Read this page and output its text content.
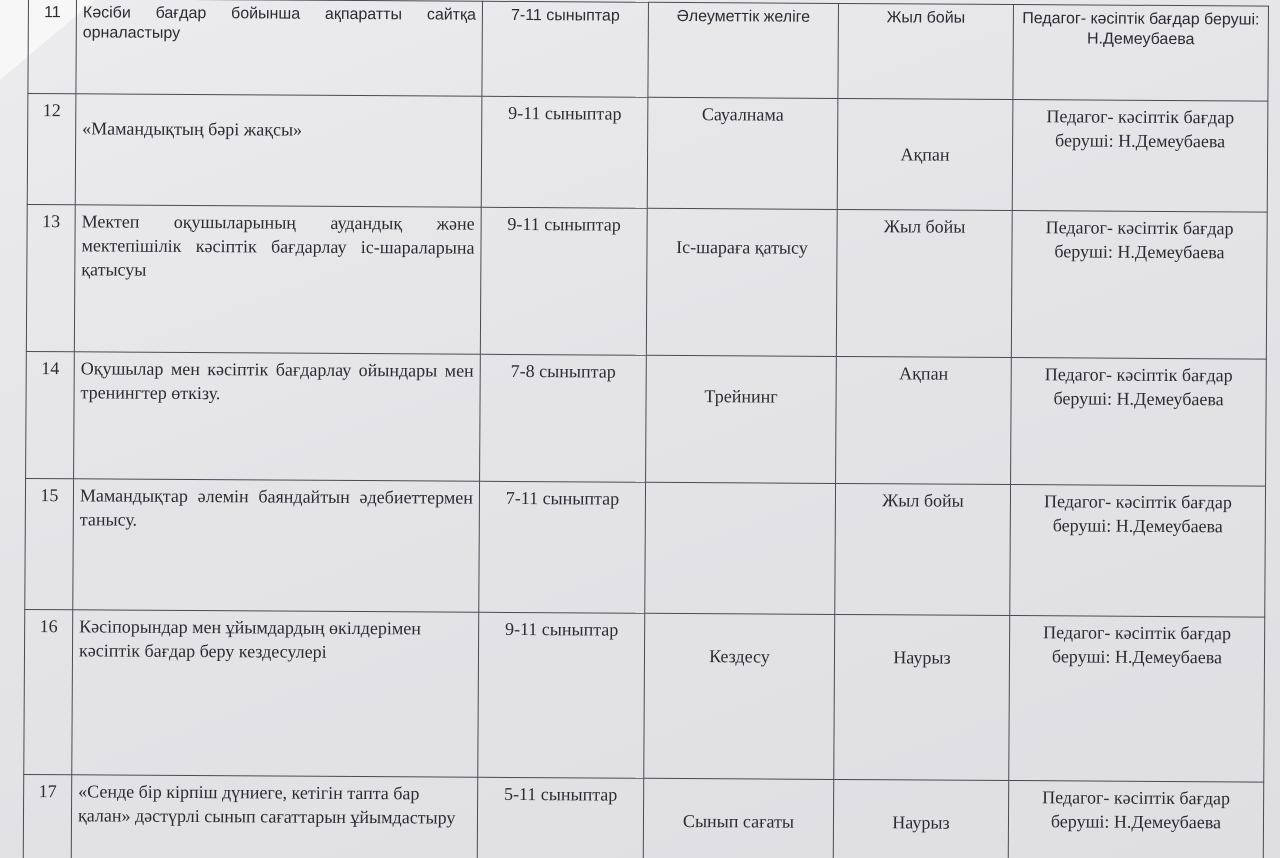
11	Кәсіби бағдар бойынша ақпаратты сайтқа орналастыру	7-11 сыныптар	Әлеуметтік желіге	Жыл бойы	Педагог- кәсіптік бағдар беруші: Н.Демеубаева
12	«Мамандықтың бәрі жақсы»	9-11 сыныптар	Сауалнама	Ақпан	Педагог- кәсіптік бағдар беруші: Н.Демеубаева
13	Мектеп оқушыларының аудандық және мектепішілік кәсіптік бағдарлау іс-шараларына қатысуы	9-11 сыныптар	Іс-шараға қатысу	Жыл бойы	Педагог- кәсіптік бағдар беруші: Н.Демеубаева
14	Оқушылар мен кәсіптік бағдарлау ойындары мен тренингтер өткізу.	7-8 сыныптар	Трейнинг	Ақпан	Педагог- кәсіптік бағдар беруші: Н.Демеубаева
15	Мамандықтар әлемін баяндайтын әдебиеттермен танысу.	7-11 сыныптар		Жыл бойы	Педагог- кәсіптік бағдар беруші: Н.Демеубаева
16	Кәсіпорындар мен ұйымдардың өкілдерімен кәсіптік бағдар беру кездесулері	9-11 сыныптар	Кездесу	Наурыз	Педагог- кәсіптік бағдар беруші: Н.Демеубаева
17	«Сенде бір кірпіш дүниеге, кетігін тапта бар қалан» дәстүрлі сынып сағаттарын ұйымдастыру	5-11 сыныптар	Сынып сағаты	Наурыз	Педагог- кәсіптік бағдар беруші: Н.Демеубаева
